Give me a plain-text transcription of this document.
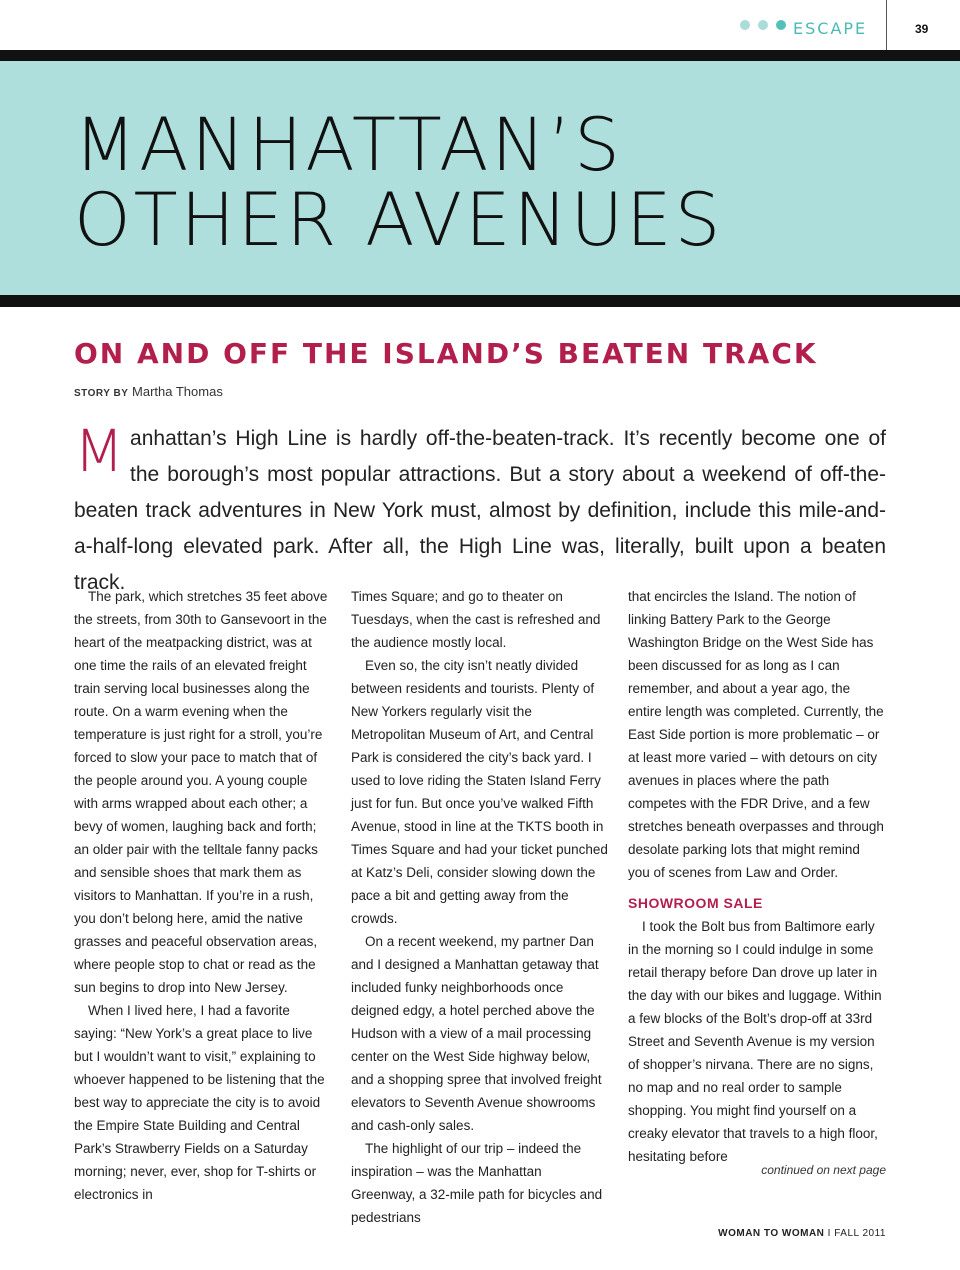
ESCAPE	39
MANHATTAN’S
OTHER AVENUES
ON AND OFF THE ISLAND’S BEATEN TRACK
STORY BY Martha Thomas

Manhattan’s High Line is hardly off-the-beaten-track. It’s recently become one of the borough’s most popular attractions. But a story about a weekend of off-the-beaten track adventures in New York must, almost by definition, include this mile-and-a-half-long elevated park. After all, the High Line was, literally, built upon a beaten track.

The park, which stretches 35 feet above the streets, from 30th to Gansevoort in the heart of the meatpacking district, was at one time the rails of an elevated freight train serving local businesses along the route. On a warm evening when the temperature is just right for a stroll, you’re forced to slow your pace to match that of the people around you. A young couple with arms wrapped about each other; a bevy of women, laughing back and forth; an older pair with the telltale fanny packs and sensible shoes that mark them as visitors to Manhattan. If you’re in a rush, you don’t belong here, amid the native grasses and peaceful observation areas, where people stop to chat or read as the sun begins to drop into New Jersey.

When I lived here, I had a favorite saying: “New York’s a great place to live but I wouldn’t want to visit,” explaining to whoever happened to be listening that the best way to appreciate the city is to avoid the Empire State Building and Central Park’s Strawberry Fields on a Saturday morning; never, ever, shop for T-shirts or electronics in

Times Square; and go to theater on Tuesdays, when the cast is refreshed and the audience mostly local.

Even so, the city isn’t neatly divided between residents and tourists. Plenty of New Yorkers regularly visit the Metropolitan Museum of Art, and Central Park is considered the city’s back yard. I used to love riding the Staten Island Ferry just for fun. But once you’ve walked Fifth Avenue, stood in line at the TKTS booth in Times Square and had your ticket punched at Katz’s Deli, consider slowing down the pace a bit and getting away from the crowds.

On a recent weekend, my partner Dan and I designed a Manhattan getaway that included funky neighborhoods once deigned edgy, a hotel perched above the Hudson with a view of a mail processing center on the West Side highway below, and a shopping spree that involved freight elevators to Seventh Avenue showrooms and cash-only sales.

The highlight of our trip – indeed the inspiration – was the Manhattan Greenway, a 32-mile path for bicycles and pedestrians

that encircles the Island. The notion of linking Battery Park to the George Washington Bridge on the West Side has been discussed for as long as I can remember, and about a year ago, the entire length was completed. Currently, the East Side portion is more problematic – or at least more varied – with detours on city avenues in places where the path competes with the FDR Drive, and a few stretches beneath overpasses and through desolate parking lots that might remind you of scenes from Law and Order.

SHOWROOM SALE

I took the Bolt bus from Baltimore early in the morning so I could indulge in some retail therapy before Dan drove up later in the day with our bikes and luggage. Within a few blocks of the Bolt’s drop-off at 33rd Street and Seventh Avenue is my version of shopper’s nirvana. There are no signs, no map and no real order to sample shopping. You might find yourself on a creaky elevator that travels to a high floor, hesitating before

continued on next page
WOMAN TO WOMAN I FALL 2011
